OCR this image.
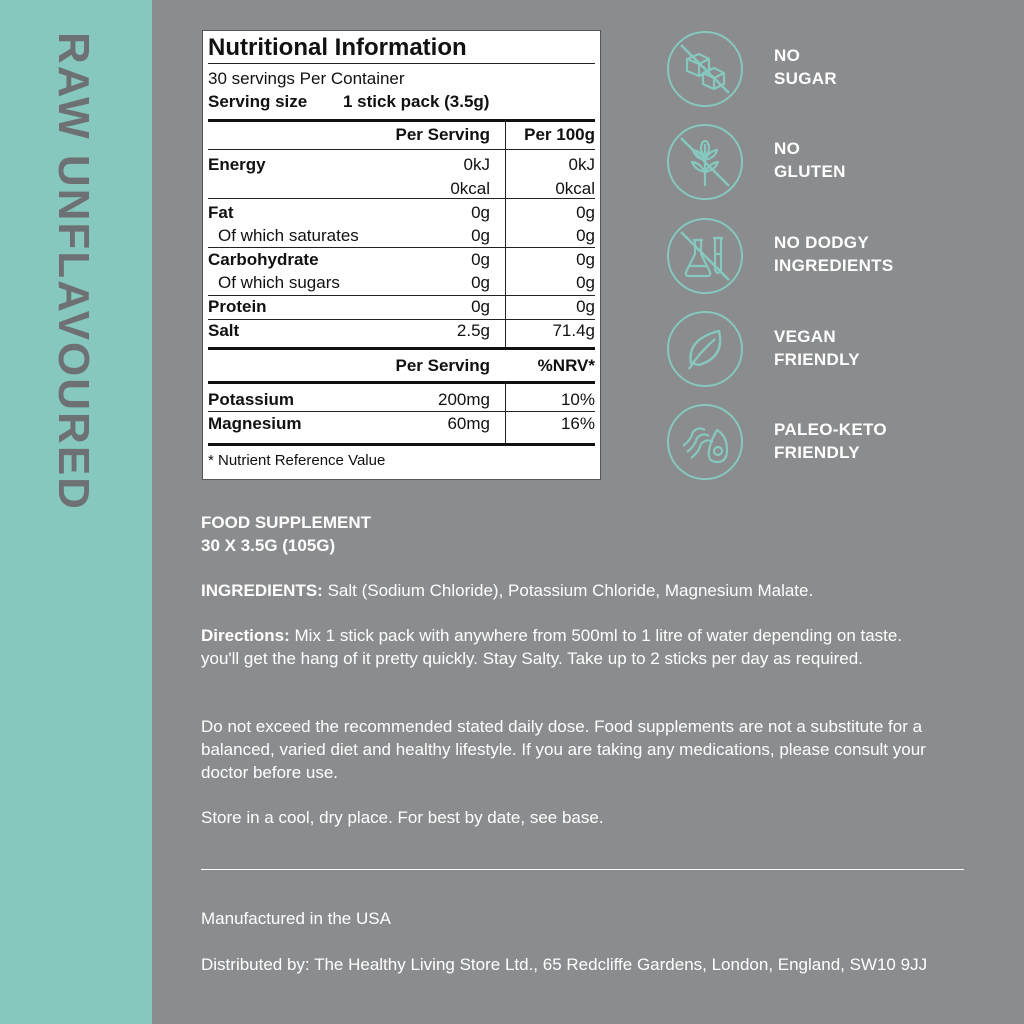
RAW UNFLAVOURED	Nutritional Information
30 servings Per Container
Serving size 1 stick pack (3.5g)
Per Serving Per 100g
Energy	0kJ	0kJ
0kcal	0kcal
Fat	0g	0g
Of which saturates	0g	0g
Carbohydrate	0g	0g
Of which sugars	0g	0g
Protein	0g	0g
Salt	2.5g	71.4g
Per Serving	%NRV*
Potassium	200mg	10%
Magnesium	60mg	16%
* Nutrient Reference Value
NO
SUGAR
NO
GLUTEN
NO DODGY
INGREDIENTS
VEGAN
FRIENDLY
PALEO-KETO
FRIENDLY
FOOD SUPPLEMENT
30 X 3.5G (105G)
INGREDIENTS: Salt (Sodium Chloride), Potassium Chloride, Magnesium Malate.
Directions: Mix 1 stick pack with anywhere from 500ml to 1 litre of water depending on taste. you'll get the hang of it pretty quickly. Stay Salty. Take up to 2 sticks per day as required.
Do not exceed the recommended stated daily dose. Food supplements are not a substitute for a balanced, varied diet and healthy lifestyle. If you are taking any medications, please consult your doctor before use.
Store in a cool, dry place. For best by date, see base.
Manufactured in the USA
Distributed by: The Healthy Living Store Ltd., 65 Redcliffe Gardens, London, England, SW10 9JJ
